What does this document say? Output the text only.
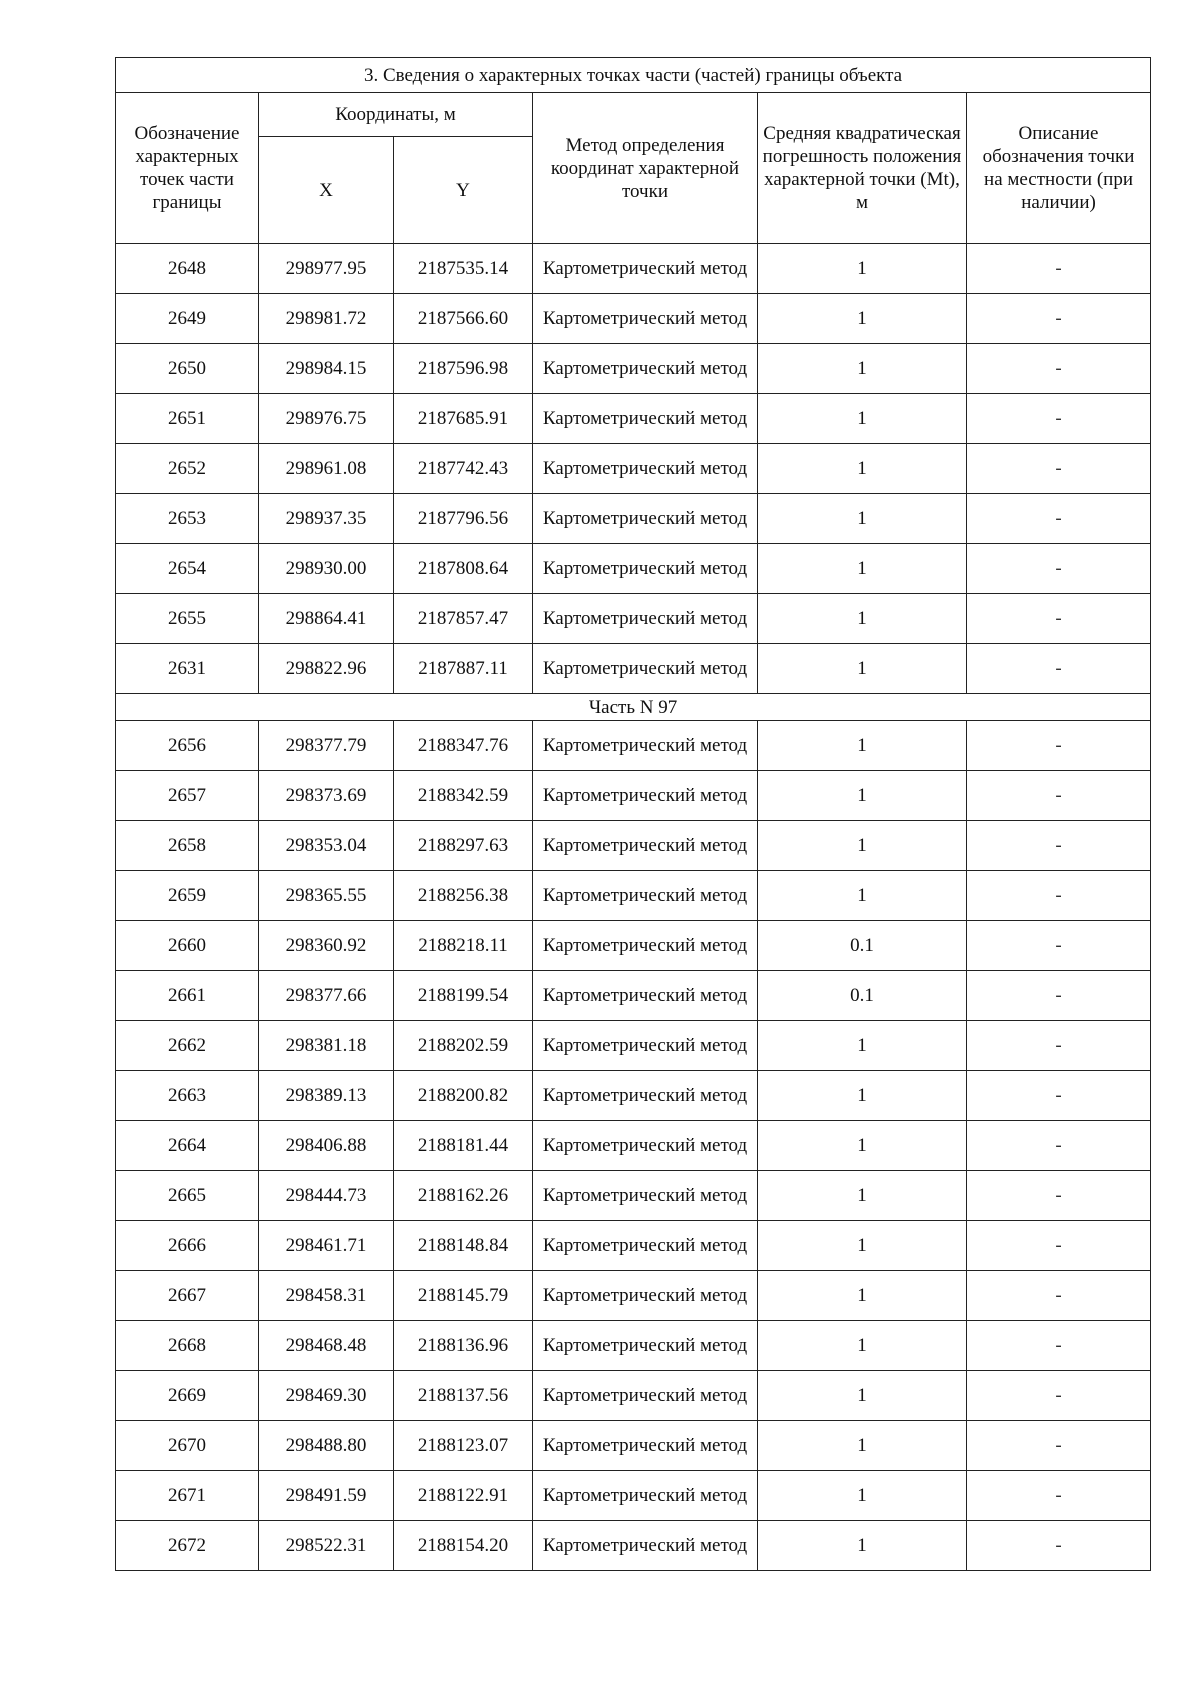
3. Сведения о характерных точках части (частей) границы объекта					
Обозначение характерных точек части границы	Координаты, м		Метод определения координат характерной точки	Средняя квадратическая погрешность положения характерной точки (Mt), м	Описание обозначения точки на местности (при наличии)
	X	Y			
2648	298977.95	2187535.14	Картометрический метод	1	-
2649	298981.72	2187566.60	Картометрический метод	1	-
2650	298984.15	2187596.98	Картометрический метод	1	-
2651	298976.75	2187685.91	Картометрический метод	1	-
2652	298961.08	2187742.43	Картометрический метод	1	-
2653	298937.35	2187796.56	Картометрический метод	1	-
2654	298930.00	2187808.64	Картометрический метод	1	-
2655	298864.41	2187857.47	Картометрический метод	1	-
2631	298822.96	2187887.11	Картометрический метод	1	-
Часть N 97					
2656	298377.79	2188347.76	Картометрический метод	1	-
2657	298373.69	2188342.59	Картометрический метод	1	-
2658	298353.04	2188297.63	Картометрический метод	1	-
2659	298365.55	2188256.38	Картометрический метод	1	-
2660	298360.92	2188218.11	Картометрический метод	0.1	-
2661	298377.66	2188199.54	Картометрический метод	0.1	-
2662	298381.18	2188202.59	Картометрический метод	1	-
2663	298389.13	2188200.82	Картометрический метод	1	-
2664	298406.88	2188181.44	Картометрический метод	1	-
2665	298444.73	2188162.26	Картометрический метод	1	-
2666	298461.71	2188148.84	Картометрический метод	1	-
2667	298458.31	2188145.79	Картометрический метод	1	-
2668	298468.48	2188136.96	Картометрический метод	1	-
2669	298469.30	2188137.56	Картометрический метод	1	-
2670	298488.80	2188123.07	Картометрический метод	1	-
2671	298491.59	2188122.91	Картометрический метод	1	-
2672	298522.31	2188154.20	Картометрический метод	1	-
